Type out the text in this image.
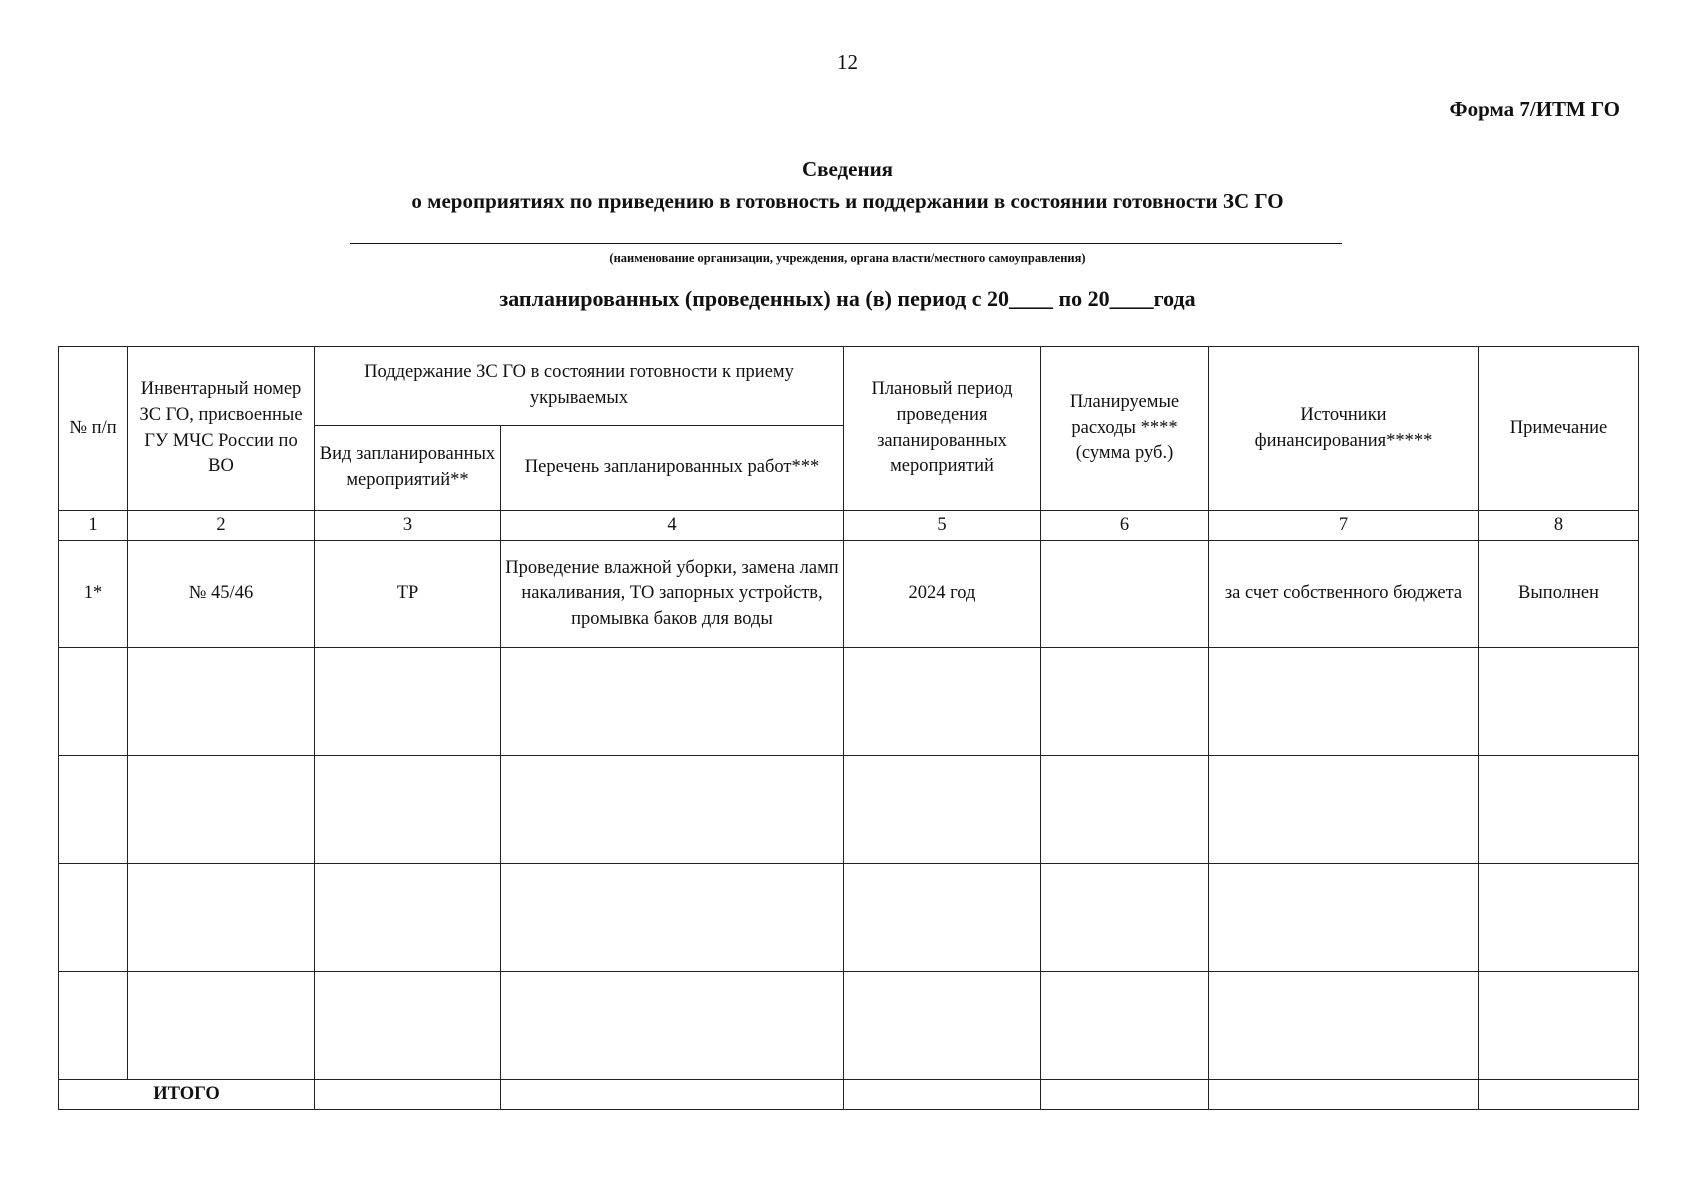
12
Форма 7/ИТМ ГО
Сведения
о мероприятиях по приведению в готовность и поддержании в состоянии готовности ЗС ГО
(наименование организации, учреждения, органа власти/местного самоуправления)
запланированных (проведенных) на (в) период с 20____ по 20____года
№ п/п	Инвентарный номер ЗС ГО, присвоенные ГУ МЧС России по ВО	Поддержание ЗС ГО в состоянии готовности к приему укрываемых		Плановый период проведения запанированных мероприятий	Планируемые расходы **** (сумма руб.)	Источники финансирования*****	Примечание
		Вид запланированных мероприятий**	Перечень запланированных работ***				
1	2	3	4	5	6	7	8
1*	№ 45/46	ТР	Проведение влажной уборки, замена ламп накаливания, ТО запорных устройств, промывка баков для воды	2024 год		за счет собственного бюджета	Выполнен

ИТОГО							
